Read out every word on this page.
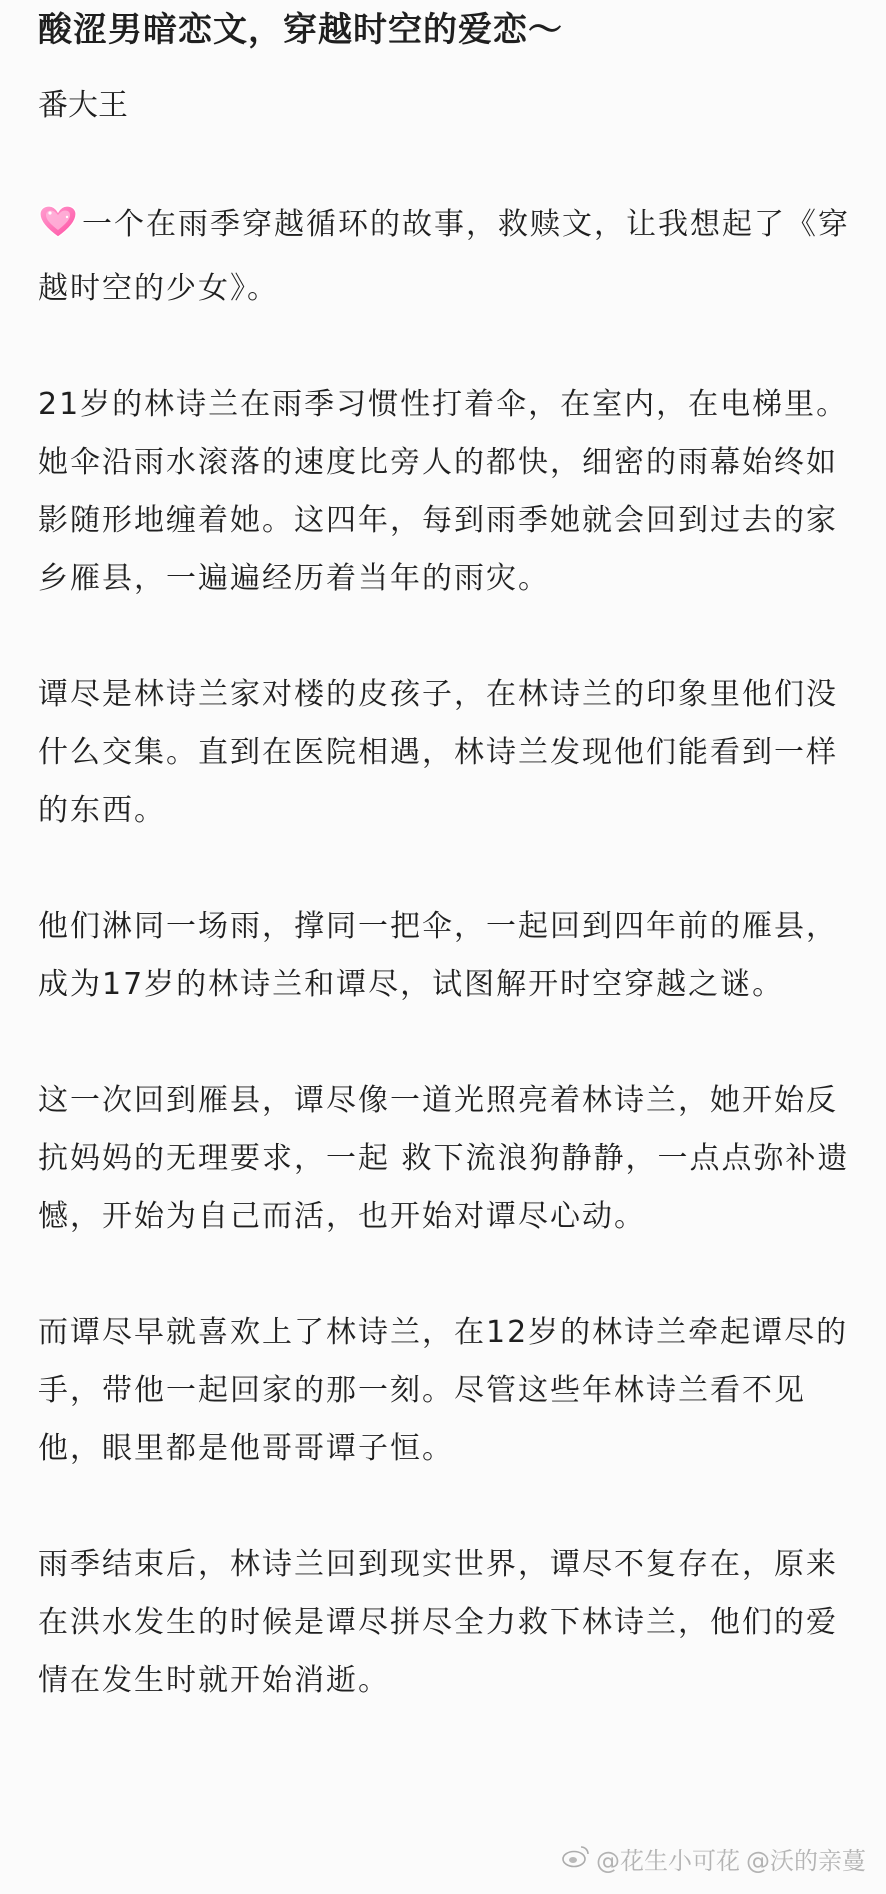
酸涩男暗恋文，穿越时空的爱恋～
番大王

一个在雨季穿越循环的故事，救赎文，让我想起了《穿越时空的少女》。

21岁的林诗兰在雨季习惯性打着伞，在室内，在电梯里。她伞沿雨水滚落的速度比旁人的都快，细密的雨幕始终如影随形地缠着她。这四年，每到雨季她就会回到过去的家乡雁县，一遍遍经历着当年的雨灾。

谭尽是林诗兰家对楼的皮孩子，在林诗兰的印象里他们没什么交集。直到在医院相遇，林诗兰发现他们能看到一样的东西。

他们淋同一场雨，撑同一把伞，一起回到四年前的雁县，成为17岁的林诗兰和谭尽，试图解开时空穿越之谜。

这一次回到雁县，谭尽像一道光照亮着林诗兰，她开始反抗妈妈的无理要求，一起 救下流浪狗静静，一点点弥补遗憾，开始为自己而活，也开始对谭尽心动。

而谭尽早就喜欢上了林诗兰，在12岁的林诗兰牵起谭尽的手，带他一起回家的那一刻。尽管这些年林诗兰看不见他，眼里都是他哥哥谭子恒。

雨季结束后，林诗兰回到现实世界，谭尽不复存在，原来在洪水发生的时候是谭尽拼尽全力救下林诗兰，他们的爱情在发生时就开始消逝。

@花生小可花 @沃的亲蔓
